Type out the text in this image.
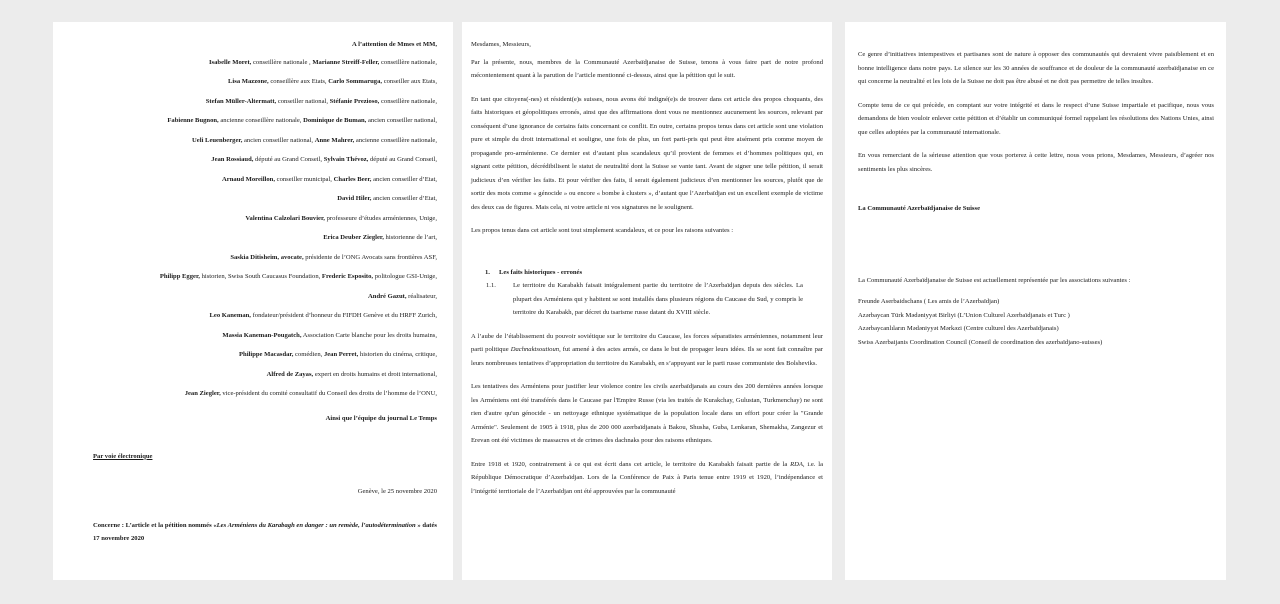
A l’attention de Mmes et MM,

Isabelle Moret, conseillère nationale , Marianne Streiff-Feller, conseillère nationale,

Lisa Mazzone, conseillère aux Etats, Carlo Sommaruga, conseiller aux Etats,

Stefan Müller-Altermatt, conseiller national, Stéfanie Prezioso, conseillère nationale,

Fabienne Bugnon, ancienne conseillère nationale, Dominique de Buman, ancien conseiller national,

Ueli Leuenberger, ancien conseiller national, Anne Mahrer, ancienne conseillère nationale,

Jean Rossiaud, député au Grand Conseil, Sylvain Thévoz, député au Grand Conseil,

Arnaud Moreillon, conseiller municipal, Charles Beer, ancien conseiller d’Etat,

David Hiler, ancien conseiller d’Etat,

Valentina Calzolari Bouvier, professeure d’études arméniennes, Unige,

Erica Deuber Ziegler, historienne de l’art,

Saskia Ditisheim, avocate, présidente de l’ONG Avocats sans frontières ASF,

Philipp Egger, historien, Swiss South Caucasus Foundation, Frederic Esposito, politologue GSI-Unige,

André Gazut, réalisateur,

Leo Kaneman, fondateur/président d’honneur du FIFDH Genève et du HRFF Zurich,

Massia Kaneman-Pougatch, Association Carte blanche pour les droits humains,

Philippe Macasdar, comédien, Jean Perret, historien du cinéma, critique,

Alfred de Zayas, expert en droits humains et droit international,

Jean Ziegler, vice-président du comité consultatif du Conseil des droits de l’homme de l’ONU,

Ainsi que l’équipe du journal Le Temps

Par voie électronique

Genève, le 25 novembre 2020

Concerne : L’article et la pétition nommés «Les Arméniens du Karabagh en danger : un remède, l’autodétermination » datés 17 novembre 2020

Mesdames, Messieurs,

Par la présente, nous, membres de la Communauté Azerbaïdjanaise de Suisse, tenons à vous faire part de notre profond mécontentement quant à la parution de l’article mentionné ci-dessus, ainsi que la pétition qui le suit.

En tant que citoyens(-nes) et résident(e)s suisses, nous avons été indigné(e)s de trouver dans cet article des propos choquants, des faits historiques et géopolitiques erronés, ainsi que des affirmations dont vous ne mentionnez aucunement les sources, relevant par conséquent d’une ignorance de certains faits concernant ce conflit. En outre, certains propos tenus dans cet article sont une violation pure et simple du droit international et souligne, une fois de plus, un fort parti-pris qui peut être aisément pris comme moyen de propagande pro-arménienne. Ce dernier est d’autant plus scandaleux qu’il provient de femmes et d’hommes politiques qui, en signant cette pétition, décrédibilisent le statut de neutralité dont la Suisse se vante tant. Avant de signer une telle pétition, il serait judicieux d’en vérifier les faits. Et pour vérifier des faits, il serait également judicieux d’en mentionner les sources, plutôt que de sortir des mots comme « génocide » ou encore « bombe à clusters », d’autant que l’Azerbaïdjan est un excellent exemple de victime des deux cas de figures. Mais cela, ni votre article ni vos signatures ne le soulignent.

Les propos tenus dans cet article sont tout simplement scandaleux, et ce pour les raisons suivantes :

1. Les faits historiques - erronés

1.1.	Le territoire du Karabakh faisait intégralement partie du territoire de l’Azerbaïdjan depuis des siècles. La plupart des Arméniens qui y habitent se sont installés dans plusieurs régions du Caucase du Sud, y compris le territoire du Karabakh, par décret du tsarisme russe datant du XVIII siècle.

A l’aube de l’établissement du pouvoir soviétique sur le territoire du Caucase, les forces séparatistes arméniennes, notamment leur parti politique Dachnaktsoutioun, fut amené à des actes armés, ce dans le but de propager leurs idées. Ils se sont fait connaître par leurs nombreuses tentatives d’appropriation du territoire du Karabakh, en s’appuyant sur le parti russe communiste des Bolsheviks.

Les tentatives des Arméniens pour justifier leur violence contre les civils azerbaïdjanais au cours des 200 dernières années lorsque les Arméniens ont été transférés dans le Caucase par l'Empire Russe (via les traités de Kurakchay, Gulustan, Turkmenchay) ne sont rien d'autre qu'un génocide - un nettoyage ethnique systématique de la population locale dans un effort pour créer la "Grande Arménie". Seulement de 1905 à 1918, plus de 200 000 azerbaïdjanais à Bakou, Shusha, Guba, Lenkaran, Shemakha, Zangezur et Erevan ont été victimes de massacres et de crimes des dachnaks pour des raisons ethniques.

Entre 1918 et 1920, contrairement à ce qui est écrit dans cet article, le territoire du Karabakh faisait partie de la RDA, i.e. la République Démocratique d’Azerbaïdjan. Lors de la Conférence de Paix à Paris tenue entre 1919 et 1920, l’indépendance et l’intégrité territoriale de l’Azerbaïdjan ont été approuvées par la communauté

Ce genre d’initiatives intempestives et partisanes sont de nature à opposer des communautés qui devraient vivre paisiblement et en bonne intelligence dans notre pays. Le silence sur les 30 années de souffrance et de douleur de la communauté azerbaïdjanaise en ce qui concerne la neutralité et les lois de la Suisse ne doit pas être abusé et ne doit pas permettre de telles insultes.

Compte tenu de ce qui précède, en comptant sur votre intégrité et dans le respect d’une Suisse impartiale et pacifique, nous vous demandons de bien vouloir enlever cette pétition et d’établir un communiqué formel rappelant les résolutions des Nations Unies, ainsi que celles adoptées par la communauté internationale.

En vous remerciant de la sérieuse attention que vous porterez à cette lettre, nous vous prions, Mesdames, Messieurs, d’agréer nos sentiments les plus sincères.

La Communauté Azerbaïdjanaise de Suisse

La Communauté Azerbaïdjanaise de Suisse est actuellement représentée par les associations suivantes :

Freunde Aserbaidschans ( Les amis de l’Azerbaïdjan)

Azərbaycan Türk Mədəniyyət Birliyi (L’Union Culturel Azerbaïdjanais et Turc )

Azərbaycanlıların Mədəniyyət Mərkəzi (Centre culturel des Azerbaïdjanais)

Swiss Azerbaijanis Coordination Council (Conseil de coordination des azerbaïdjano-suisses)
